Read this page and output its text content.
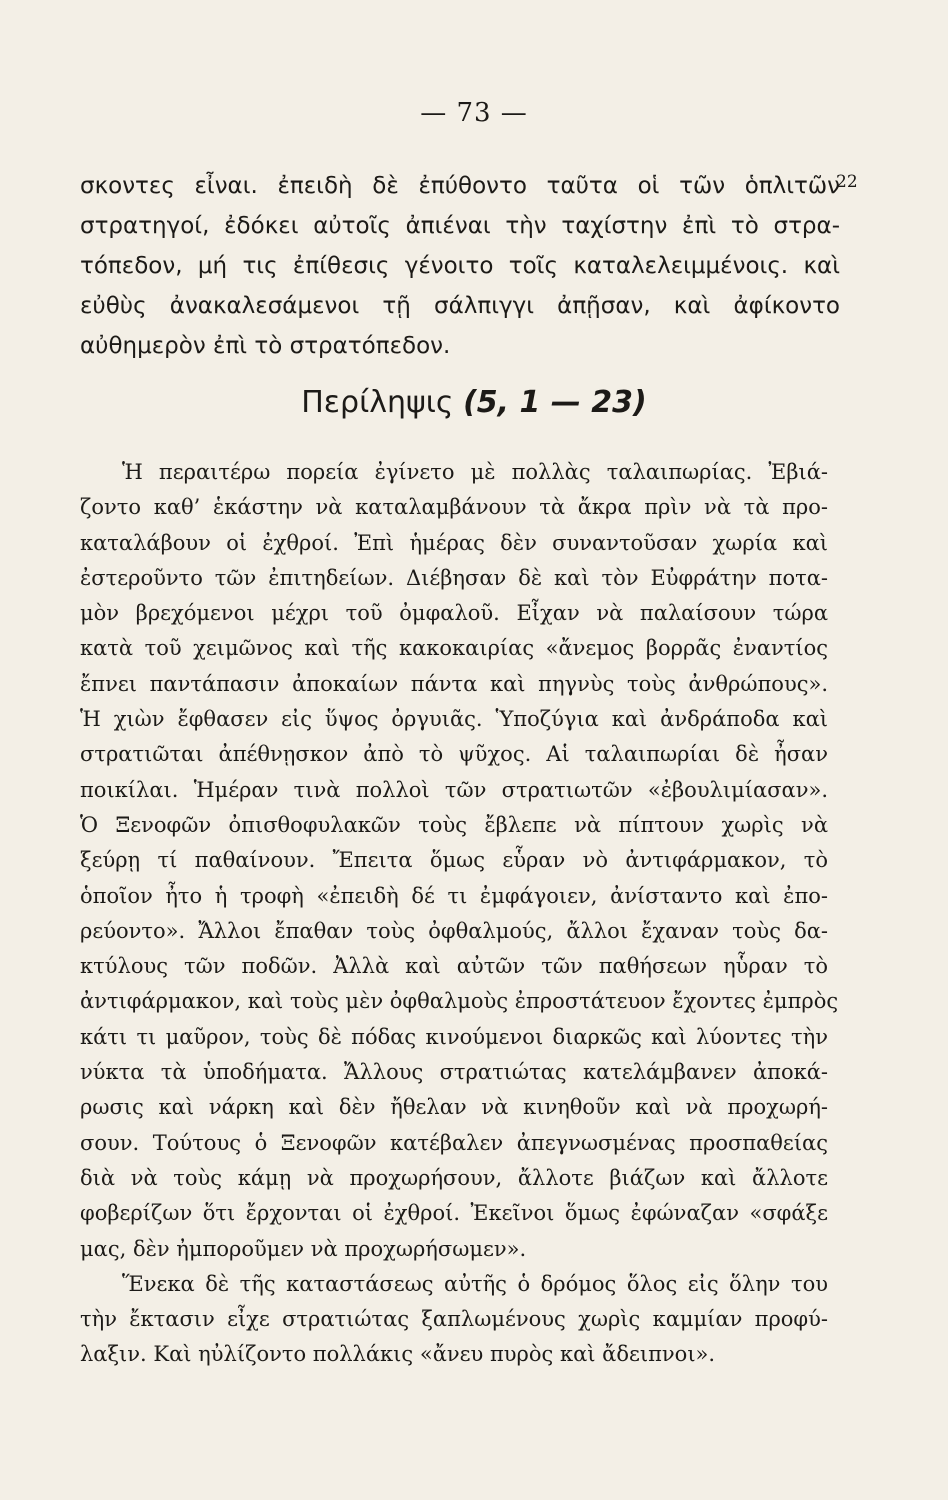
— 73 —
22
σκοντες εἶναι. ἐπειδὴ δὲ ἐπύθοντο ταῦτα οἱ τῶν ὁπλιτῶν
στρατηγοί, ἐδόκει αὐτοῖς ἀπιέναι τὴν ταχίστην ἐπὶ τὸ στρα-
τόπεδον, μή τις ἐπίθεσις γένοιτο τοῖς καταλελειμμένοις. καὶ
εὐθὺς ἀνακαλεσάμενοι τῇ σάλπιγγι ἀπῇσαν, καὶ ἀφίκοντο
αὐθημερὸν ἐπὶ τὸ στρατόπεδον.
Περίληψις (5, 1 — 23)
Ἡ περαιτέρω πορεία ἐγίνετο μὲ πολλὰς ταλαιπωρίας. Ἐβιά-
ζοντο καθ’ ἑκάστην νὰ καταλαμβάνουν τὰ ἄκρα πρὶν νὰ τὰ προ-
καταλάβουν οἱ ἐχθροί. Ἐπὶ ἡμέρας δὲν συναντοῦσαν χωρία καὶ
ἐστεροῦντο τῶν ἐπιτηδείων. Διέβησαν δὲ καὶ τὸν Εὐφράτην ποτα-
μὸν βρεχόμενοι μέχρι τοῦ ὀμφαλοῦ. Εἶχαν νὰ παλαίσουν τώρα
κατὰ τοῦ χειμῶνος καὶ τῆς κακοκαιρίας «ἄνεμος βορρᾶς ἐναντίος
ἔπνει παντάπασιν ἀποκαίων πάντα καὶ πηγνὺς τοὺς ἀνθρώπους».
Ἡ χιὼν ἔφθασεν εἰς ὕψος ὀργυιᾶς. Ὑποζύγια καὶ ἀνδράποδα καὶ
στρατιῶται ἀπέθνῃσκον ἀπὸ τὸ ψῦχος. Αἱ ταλαιπωρίαι δὲ ἦσαν
ποικίλαι. Ἡμέραν τινὰ πολλοὶ τῶν στρατιωτῶν «ἐβουλιμίασαν».
Ὁ Ξενοφῶν ὀπισθοφυλακῶν τοὺς ἔβλεπε νὰ πίπτουν χωρὶς νὰ
ξεύρῃ τί παθαίνουν. Ἔπειτα ὅμως εὗραν νὸ ἀντιφάρμακον, τὸ
ὁποῖον ἦτο ἡ τροφὴ «ἐπειδὴ δέ τι ἐμφάγοιεν, ἀνίσταντο καὶ ἐπο-
ρεύοντο». Ἄλλοι ἔπαθαν τοὺς ὀφθαλμούς, ἄλλοι ἔχαναν τοὺς δα-
κτύλους τῶν ποδῶν. Ἀλλὰ καὶ αὐτῶν τῶν παθήσεων ηὗραν τὸ
ἀντιφάρμακον, καὶ τοὺς μὲν ὀφθαλμοὺς ἐπροστάτευον ἔχοντες ἐμπρὸς
κάτι τι μαῦρον, τοὺς δὲ πόδας κινούμενοι διαρκῶς καὶ λύοντες τὴν
νύκτα τὰ ὑποδήματα. Ἄλλους στρατιώτας κατελάμβανεν ἀποκά-
ρωσις καὶ νάρκη καὶ δὲν ἤθελαν νὰ κινηθοῦν καὶ νὰ προχωρή-
σουν. Τούτους ὁ Ξενοφῶν κατέβαλεν ἀπεγνωσμένας προσπαθείας
διὰ νὰ τοὺς κάμῃ νὰ προχωρήσουν, ἄλλοτε βιάζων καὶ ἄλλοτε
φοβερίζων ὅτι ἔρχονται οἱ ἐχθροί. Ἐκεῖνοι ὅμως ἐφώναζαν «σφάξε
μας, δὲν ἠμποροῦμεν νὰ προχωρήσωμεν».
Ἕνεκα δὲ τῆς καταστάσεως αὐτῆς ὁ δρόμος ὅλος εἰς ὅλην του
τὴν ἔκτασιν εἶχε στρατιώτας ξαπλωμένους χωρὶς καμμίαν προφύ-
λαξιν. Καὶ ηὐλίζοντο πολλάκις «ἄνευ πυρὸς καὶ ἄδειπνοι».
